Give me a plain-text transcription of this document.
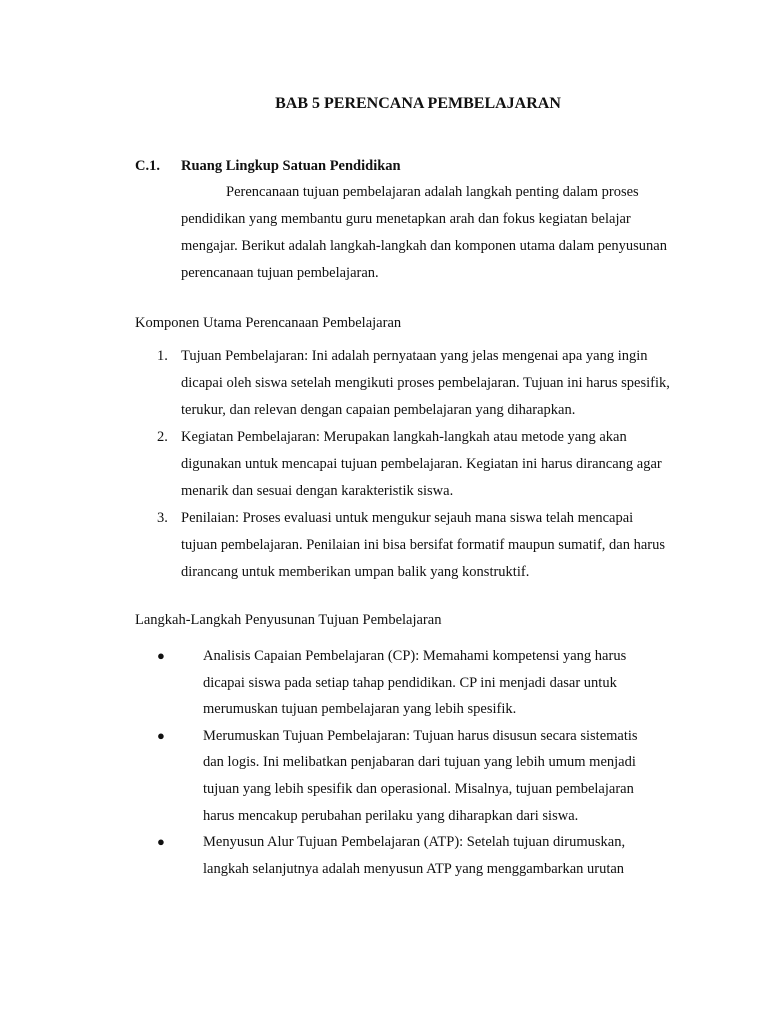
BAB 5 PERENCANA PEMBELAJARAN
C.1. Ruang Lingkup Satuan Pendidikan

Perencanaan tujuan pembelajaran adalah langkah penting dalam proses pendidikan yang membantu guru menetapkan arah dan fokus kegiatan belajar mengajar. Berikut adalah langkah-langkah dan komponen utama dalam penyusunan perencanaan tujuan pembelajaran.

Komponen Utama Perencanaan Pembelajaran
1. Tujuan Pembelajaran: Ini adalah pernyataan yang jelas mengenai apa yang ingin dicapai oleh siswa setelah mengikuti proses pembelajaran. Tujuan ini harus spesifik, terukur, dan relevan dengan capaian pembelajaran yang diharapkan.
2. Kegiatan Pembelajaran: Merupakan langkah-langkah atau metode yang akan digunakan untuk mencapai tujuan pembelajaran. Kegiatan ini harus dirancang agar menarik dan sesuai dengan karakteristik siswa.
3. Penilaian: Proses evaluasi untuk mengukur sejauh mana siswa telah mencapai tujuan pembelajaran. Penilaian ini bisa bersifat formatif maupun sumatif, dan harus dirancang untuk memberikan umpan balik yang konstruktif.
Langkah-Langkah Penyusunan Tujuan Pembelajaran
●	Analisis Capaian Pembelajaran (CP): Memahami kompetensi yang harus dicapai siswa pada setiap tahap pendidikan. CP ini menjadi dasar untuk merumuskan tujuan pembelajaran yang lebih spesifik.
●	Merumuskan Tujuan Pembelajaran: Tujuan harus disusun secara sistematis dan logis. Ini melibatkan penjabaran dari tujuan yang lebih umum menjadi tujuan yang lebih spesifik dan operasional. Misalnya, tujuan pembelajaran harus mencakup perubahan perilaku yang diharapkan dari siswa.
●	Menyusun Alur Tujuan Pembelajaran (ATP): Setelah tujuan dirumuskan, langkah selanjutnya adalah menyusun ATP yang menggambarkan urutan
